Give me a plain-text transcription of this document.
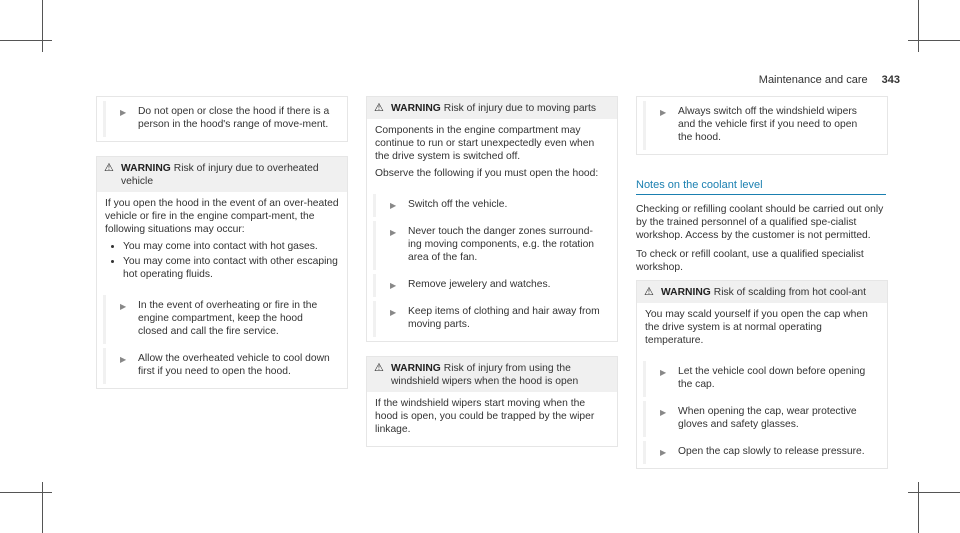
Maintenance and care 343
▶ Do not open or close the hood if there is a person in the hood's range of move-ment.
⚠ WARNING Risk of injury due to overheated vehicle

If you open the hood in the event of an over-heated vehicle or fire in the engine compart-ment, the following situations may occur:

• You may come into contact with hot gases.
• You may come into contact with other escaping hot operating fluids.
▶ In the event of overheating or fire in the engine compartment, keep the hood closed and call the fire service.
▶ Allow the overheated vehicle to cool down first if you need to open the hood.
⚠ WARNING Risk of injury due to moving parts

Components in the engine compartment may continue to run or start unexpectedly even when the drive system is switched off.

Observe the following if you must open the hood:

▶ Switch off the vehicle.
▶ Never touch the danger zones surround-ing moving components, e.g. the rotation area of the fan.
▶ Remove jewelery and watches.
▶ Keep items of clothing and hair away from moving parts.
⚠ WARNING Risk of injury from using the windshield wipers when the hood is open

If the windshield wipers start moving when the hood is open, you could be trapped by the wiper linkage.

▶ Always switch off the windshield wipers and the vehicle first if you need to open the hood.
Notes on the coolant level

Checking or refilling coolant should be carried out only by the trained personnel of a qualified spe-cialist workshop. Access by the customer is not permitted.

To check or refill coolant, use a qualified specialist workshop.

⚠ WARNING Risk of scalding from hot cool-ant

You may scald yourself if you open the cap when the drive system is at normal operating temperature.

▶ Let the vehicle cool down before opening the cap.
▶ When opening the cap, wear protective gloves and safety glasses.
▶ Open the cap slowly to release pressure.
